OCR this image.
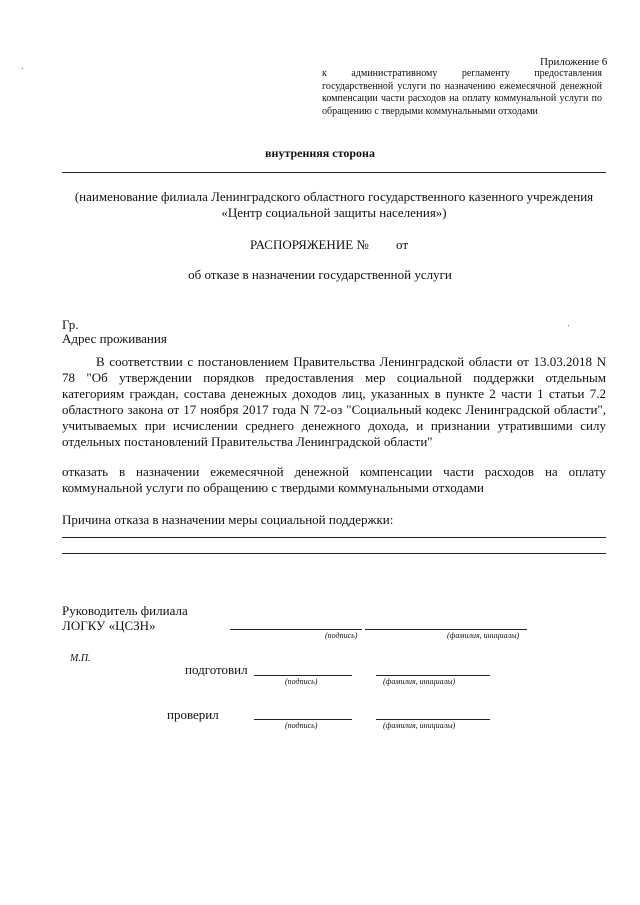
Приложение 6
к административному регламенту предоставления государственной услуги по назначению ежемесячной денежной компенсации части расходов на оплату коммунальной услуги по обращению с твердыми коммунальными отходами
внутренняя сторона
(наименование филиала Ленинградского областного государственного казенного учреждения «Центр социальной защиты населения»)
РАСПОРЯЖЕНИЕ № от
об отказе в назначении государственной услуги
Гр.
Адрес проживания
В соответствии с постановлением Правительства Ленинградской области от 13.03.2018 N 78 "Об утверждении порядков предоставления мер социальной поддержки отдельным категориям граждан, состава денежных доходов лиц, указанных в пункте 2 части 1 статьи 7.2 областного закона от 17 ноября 2017 года N 72-оз "Социальный кодекс Ленинградской области", учитываемых при исчислении среднего денежного дохода, и признании утратившими силу отдельных постановлений Правительства Ленинградской области"
отказать в назначении ежемесячной денежной компенсации части расходов на оплату коммунальной услуги по обращению с твердыми коммунальными отходами
Причина отказа в назначении меры социальной поддержки:
Руководитель филиала
ЛОГКУ «ЦСЗН»
(подпись)	(фамилия, инициалы)
М.П.
подготовил
(подпись)	(фамилия, инициалы)
проверил
(подпись)	(фамилия, инициалы)
